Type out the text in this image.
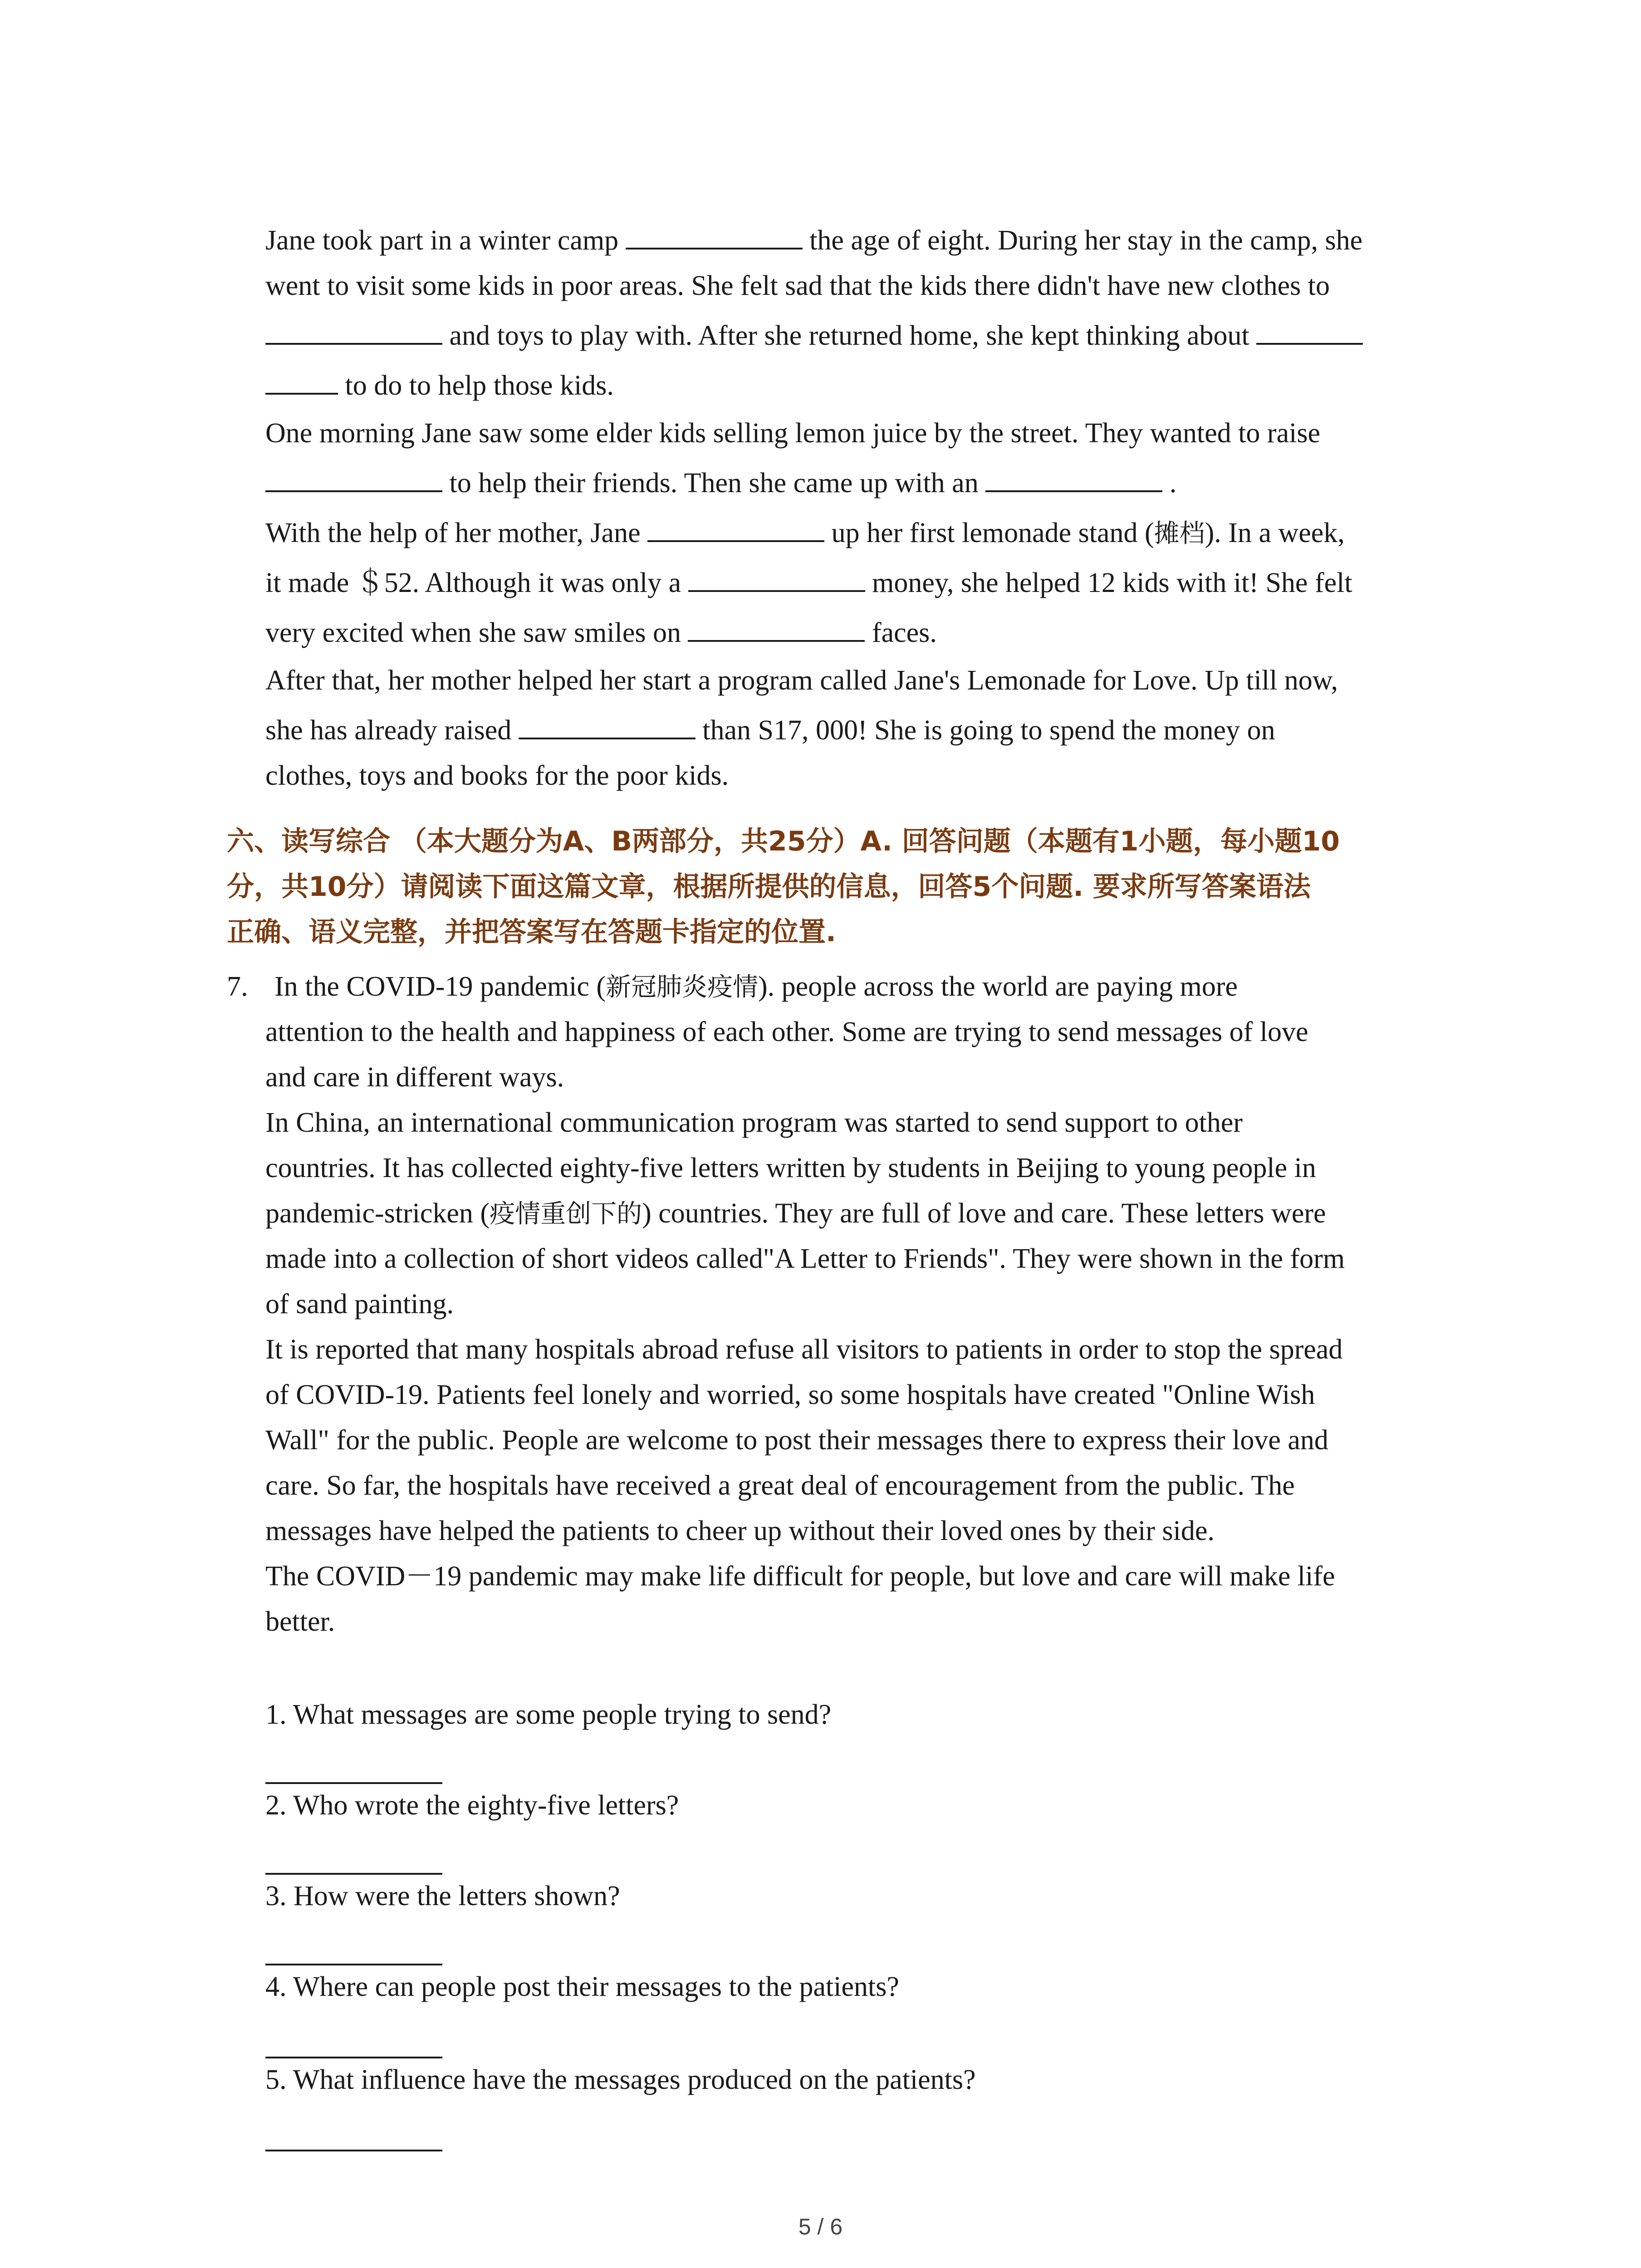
Jane took part in a winter camp	the age of eight. During her stay in the camp, she
went to visit some kids in poor areas. She felt sad that the kids there didn't have new clothes to
and toys to play with. After she returned home, she kept thinking about
to do to help those kids.
One morning Jane saw some elder kids selling lemon juice by the street. They wanted to raise
to help their friends. Then she came up with an	.
With the help of her mother, Jane	up her first lemonade stand (摊档). In a week,
it made ＄52. Although it was only a	money, she helped 12 kids with it! She felt
very excited when she saw smiles on	faces.
After that, her mother helped her start a program called Jane's Lemonade for Love. Up till now,
she has already raised	than S17, 000! She is going to spend the money on
clothes, toys and books for the poor kids.
六、读写综合 （本大题分为A、B两部分，共25分）A. 回答问题（本题有1小题，每小题10
分，共10分）请阅读下面这篇文章，根据所提供的信息，回答5个问题. 要求所写答案语法
正确、语义完整，并把答案写在答题卡指定的位置.
7. In the COVID-19 pandemic (新冠肺炎疫情). people across the world are paying more
attention to the health and happiness of each other. Some are trying to send messages of love
and care in different ways.
In China, an international communication program was started to send support to other
countries. It has collected eighty-five letters written by students in Beijing to young people in
pandemic-stricken (疫情重创下的) countries. They are full of love and care. These letters were
made into a collection of short videos called"A Letter to Friends". They were shown in the form
of sand painting.
It is reported that many hospitals abroad refuse all visitors to patients in order to stop the spread
of COVID-19. Patients feel lonely and worried, so some hospitals have created "Online Wish
Wall" for the public. People are welcome to post their messages there to express their love and
care. So far, the hospitals have received a great deal of encouragement from the public. The
messages have helped the patients to cheer up without their loved ones by their side.
The COVID－19 pandemic may make life difficult for people, but love and care will make life
better.
1. What messages are some people trying to send?
2. Who wrote the eighty-five letters?
3. How were the letters shown?
4. Where can people post their messages to the patients?
5. What influence have the messages produced on the patients?
5 / 6
